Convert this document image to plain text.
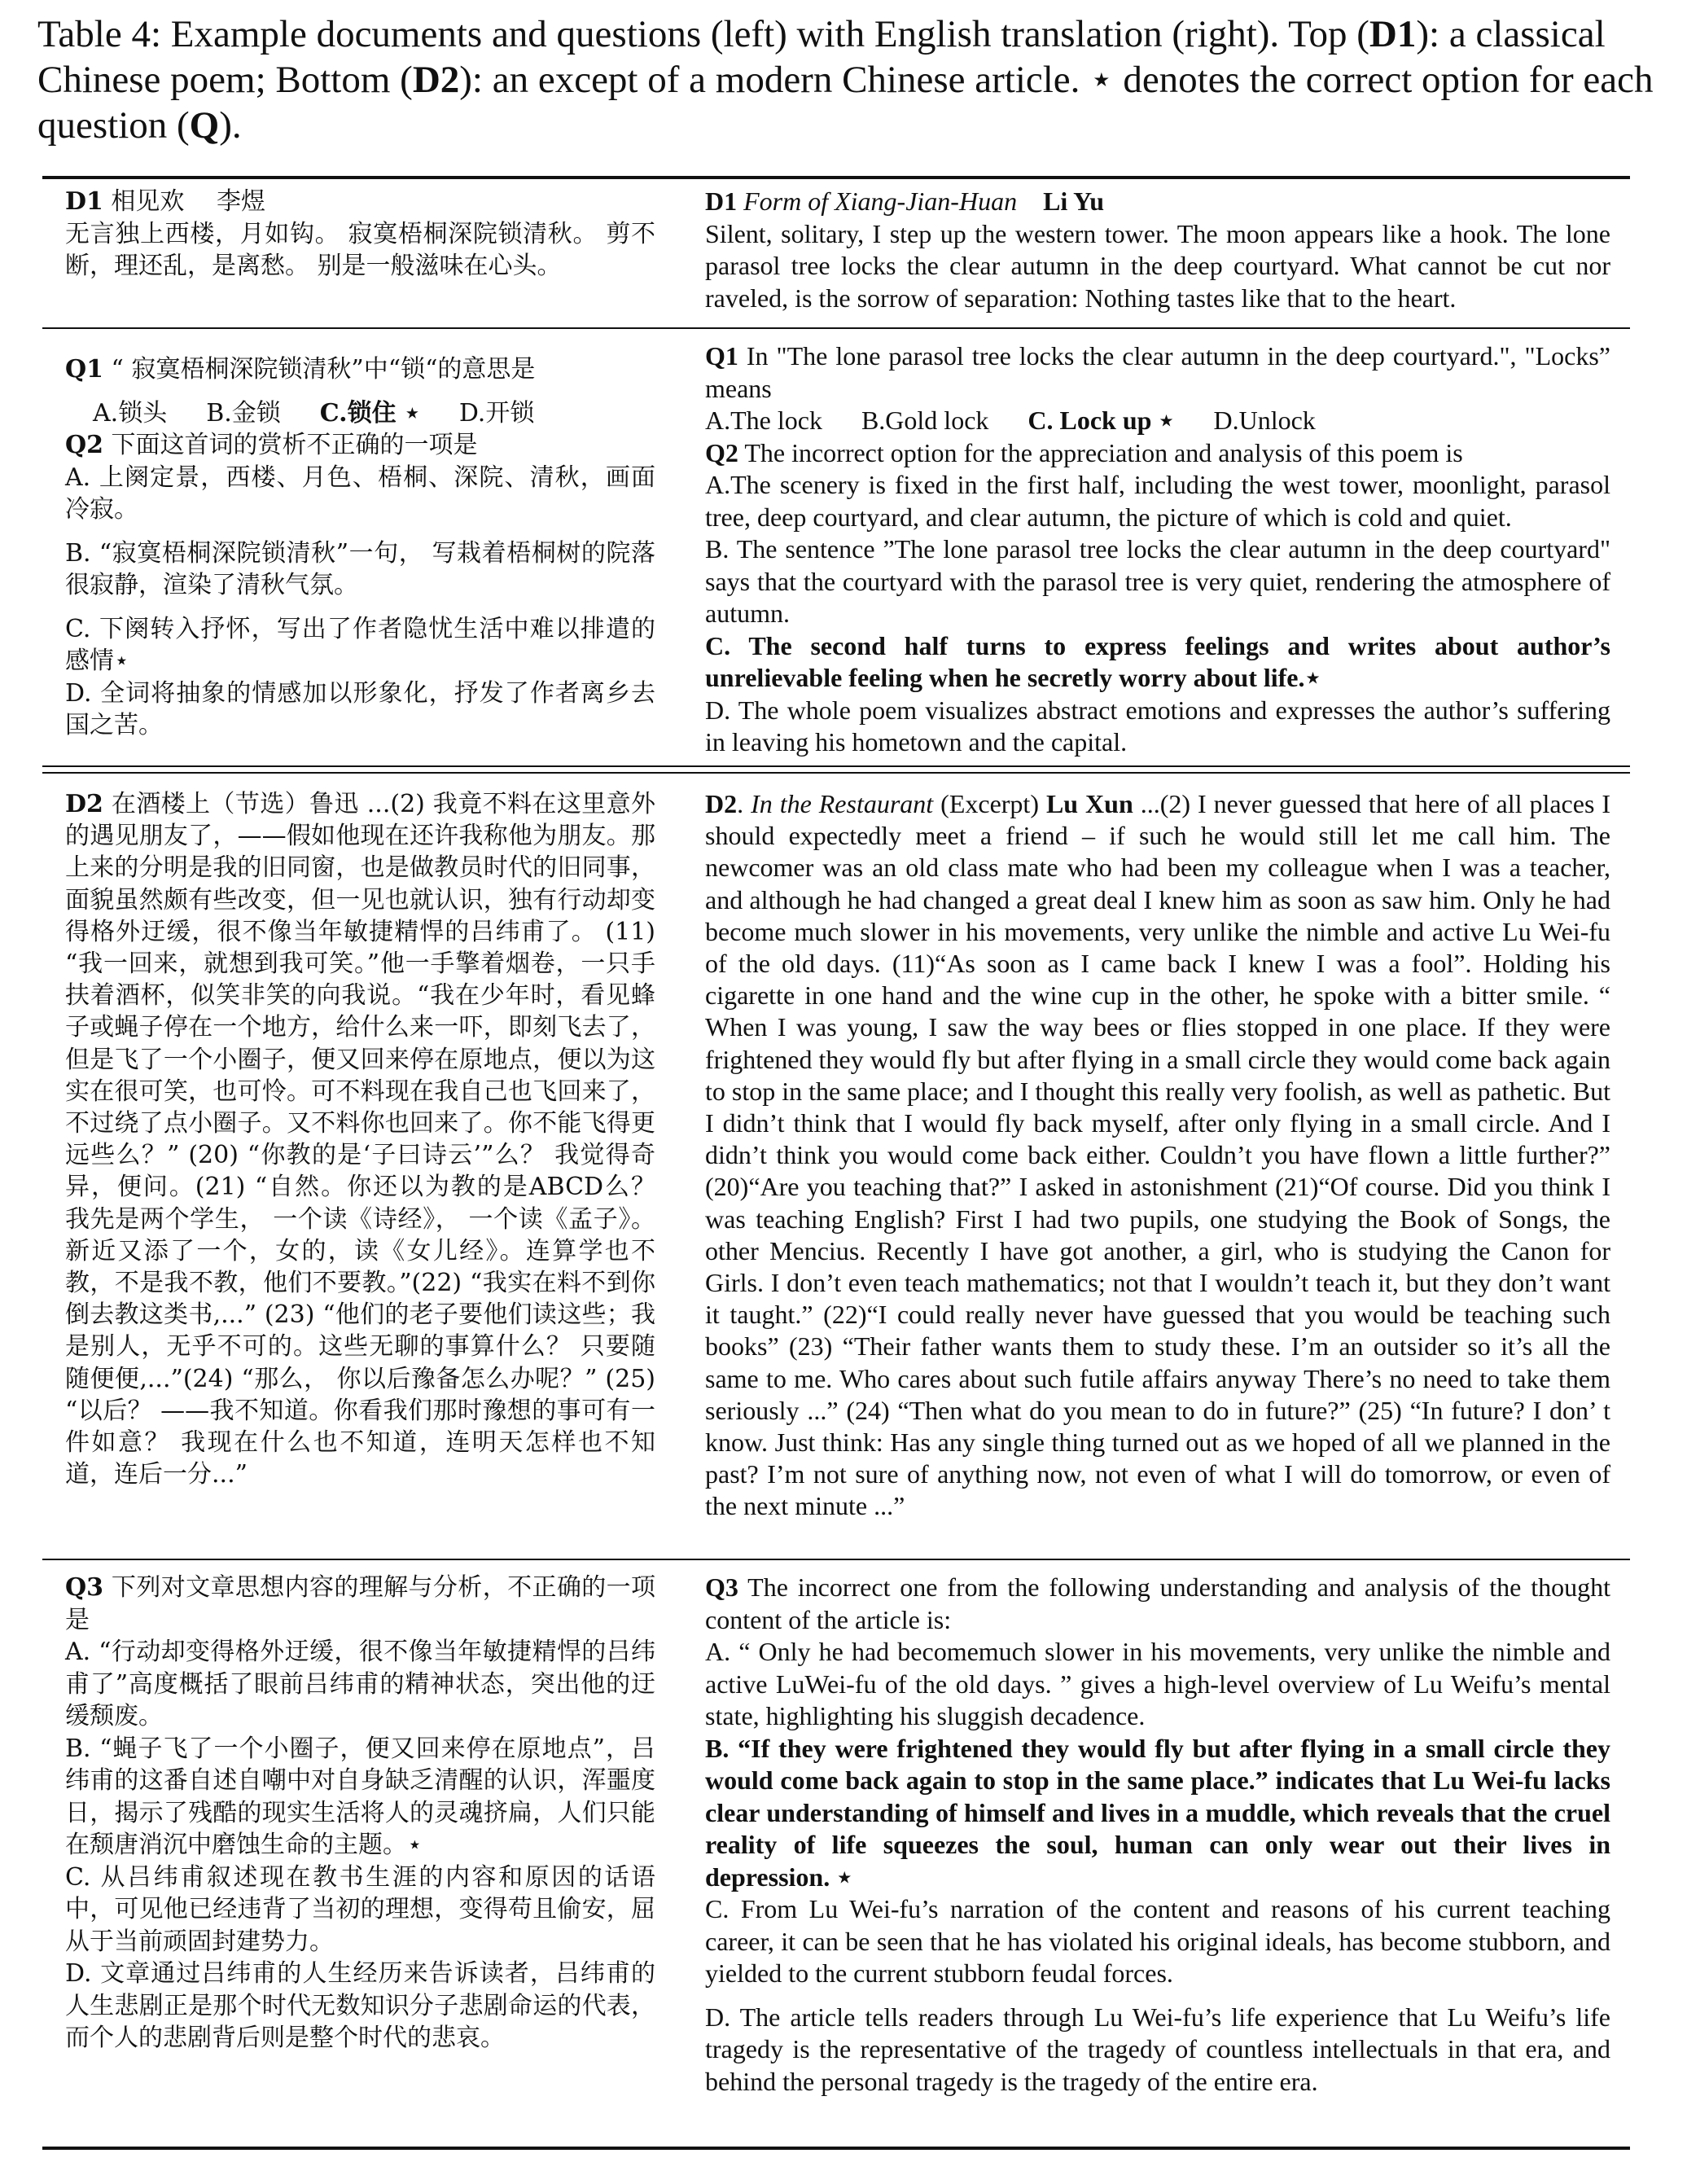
Table 4: Example documents and questions (left) with English translation (right). Top (D1): a classical Chinese poem; Bottom (D2): an except of a modern Chinese article. ⋆ denotes the correct option for each question (Q).
D1 相见欢　 李煜
无言独上西楼，月如钩。 寂寞梧桐深院锁清秋。 剪不断，理还乱，是离愁。 别是一般滋味在心头。
D1 Form of Xiang-Jian-Huan Li Yu
Silent, solitary, I step up the western tower. The moon appears like a hook. The lone parasol tree locks the clear autumn in the deep courtyard. What cannot be cut nor raveled, is the sorrow of separation: Nothing tastes like that to the heart.
Q1 “ 寂寞梧桐深院锁清秋”中“锁“的意思是
A.锁头 B.金锁 C.锁住 ⋆ D.开锁
Q2 下面这首词的赏析不正确的一项是
A. 上阕定景，西楼、月色、梧桐、深院、清秋，画面冷寂。
B. “寂寞梧桐深院锁清秋”一句， 写栽着梧桐树的院落很寂静，渲染了清秋气氛。
C. 下阕转入抒怀，写出了作者隐忧生活中难以排遣的感情⋆
D. 全词将抽象的情感加以形象化，抒发了作者离乡去国之苦。
Q1 In "The lone parasol tree locks the clear autumn in the deep courtyard.", "Locks” means
A.The lock B.Gold lock C. Lock up ⋆ D.Unlock
Q2 The incorrect option for the appreciation and analysis of this poem is
A.The scenery is fixed in the first half, including the west tower, moonlight, parasol tree, deep courtyard, and clear autumn, the picture of which is cold and quiet.
B. The sentence ”The lone parasol tree locks the clear autumn in the deep courtyard" says that the courtyard with the parasol tree is very quiet, rendering the atmosphere of autumn.
C. The second half turns to express feelings and writes about author’s unrelievable feeling when he secretly worry about life.⋆
D. The whole poem visualizes abstract emotions and expresses the author’s suffering in leaving his hometown and the capital.
D2 在酒楼上（节选）鲁迅 ...(2) 我竟不料在这里意外的遇见朋友了，——假如他现在还许我称他为朋友。那上来的分明是我的旧同窗，也是做教员时代的旧同事，面貌虽然颇有些改变，但一见也就认识，独有行动却变得格外迂缓，很不像当年敏捷精悍的吕纬甫了。 (11) “我一回来，就想到我可笑。”他一手擎着烟卷，一只手扶着酒杯，似笑非笑的向我说。“我在少年时，看见蜂子或蝇子停在一个地方，给什么来一吓，即刻飞去了，但是飞了一个小圈子，便又回来停在原地点，便以为这实在很可笑，也可怜。可不料现在我自己也飞回来了，不过绕了点小圈子。又不料你也回来了。你不能飞得更远些么？” (20) “你教的是‘子曰诗云’”么？ 我觉得奇异，便问。(21) “自然。你还以为教的是ABCD么？ 我先是两个学生， 一个读《诗经》， 一个读《孟子》。新近又添了一个，女的，读《女儿经》。连算学也不教，不是我不教，他们不要教。”(22) “我实在料不到你倒去教这类书,...” (23) “他们的老子要他们读这些；我是别人，无乎不可的。这些无聊的事算什么？ 只要随随便便,...”(24) “那么， 你以后豫备怎么办呢？” (25) “以后？ ——我不知道。你看我们那时豫想的事可有一件如意？ 我现在什么也不知道，连明天怎样也不知道，连后一分...”
D2. In the Restaurant (Excerpt) Lu Xun ...(2) I never guessed that here of all places I should expectedly meet a friend – if such he would still let me call him. The newcomer was an old class mate who had been my colleague when I was a teacher, and although he had changed a great deal I knew him as soon as saw him. Only he had become much slower in his movements, very unlike the nimble and active Lu Wei-fu of the old days. (11)“As soon as I came back I knew I was a fool”. Holding his cigarette in one hand and the wine cup in the other, he spoke with a bitter smile. “ When I was young, I saw the way bees or flies stopped in one place. If they were frightened they would fly but after flying in a small circle they would come back again to stop in the same place; and I thought this really very foolish, as well as pathetic. But I didn’t think that I would fly back myself, after only flying in a small circle. And I didn’t think you would come back either. Couldn’t you have flown a little further?” (20)“Are you teaching that?” I asked in astonishment (21)“Of course. Did you think I was teaching English? First I had two pupils, one studying the Book of Songs, the other Mencius. Recently I have got another, a girl, who is studying the Canon for Girls. I don’t even teach mathematics; not that I wouldn’t teach it, but they don’t want it taught.” (22)“I could really never have guessed that you would be teaching such books” (23) “Their father wants them to study these. I’m an outsider so it’s all the same to me. Who cares about such futile affairs anyway There’s no need to take them seriously ...” (24) “Then what do you mean to do in future?” (25) “In future? I don’ t know. Just think: Has any single thing turned out as we hoped of all we planned in the past? I’m not sure of anything now, not even of what I will do tomorrow, or even of the next minute ...”
Q3 下列对文章思想内容的理解与分析，不正确的一项是
A. “行动却变得格外迂缓，很不像当年敏捷精悍的吕纬甫了”高度概括了眼前吕纬甫的精神状态，突出他的迂缓颓废。
B. “蝇子飞了一个小圈子，便又回来停在原地点”，吕纬甫的这番自述自嘲中对自身缺乏清醒的认识，浑噩度日，揭示了残酷的现实生活将人的灵魂挤扁，人们只能在颓唐消沉中磨蚀生命的主题。⋆
C. 从吕纬甫叙述现在教书生涯的内容和原因的话语中，可见他已经违背了当初的理想，变得苟且偷安，屈从于当前顽固封建势力。
D. 文章通过吕纬甫的人生经历来告诉读者，吕纬甫的人生悲剧正是那个时代无数知识分子悲剧命运的代表，而个人的悲剧背后则是整个时代的悲哀。
Q3 The incorrect one from the following understanding and analysis of the thought content of the article is:
A. “ Only he had becomemuch slower in his movements, very unlike the nimble and active LuWei-fu of the old days. ” gives a high-level overview of Lu Weifu’s mental state, highlighting his sluggish decadence.
B. “If they were frightened they would fly but after flying in a small circle they would come back again to stop in the same place.” indicates that Lu Wei-fu lacks clear understanding of himself and lives in a muddle, which reveals that the cruel reality of life squeezes the soul, human can only wear out their lives in depression. ⋆
C. From Lu Wei-fu’s narration of the content and reasons of his current teaching career, it can be seen that he has violated his original ideals, has become stubborn, and yielded to the current stubborn feudal forces.
D. The article tells readers through Lu Wei-fu’s life experience that Lu Weifu’s life tragedy is the representative of the tragedy of countless intellectuals in that era, and behind the personal tragedy is the tragedy of the entire era.
